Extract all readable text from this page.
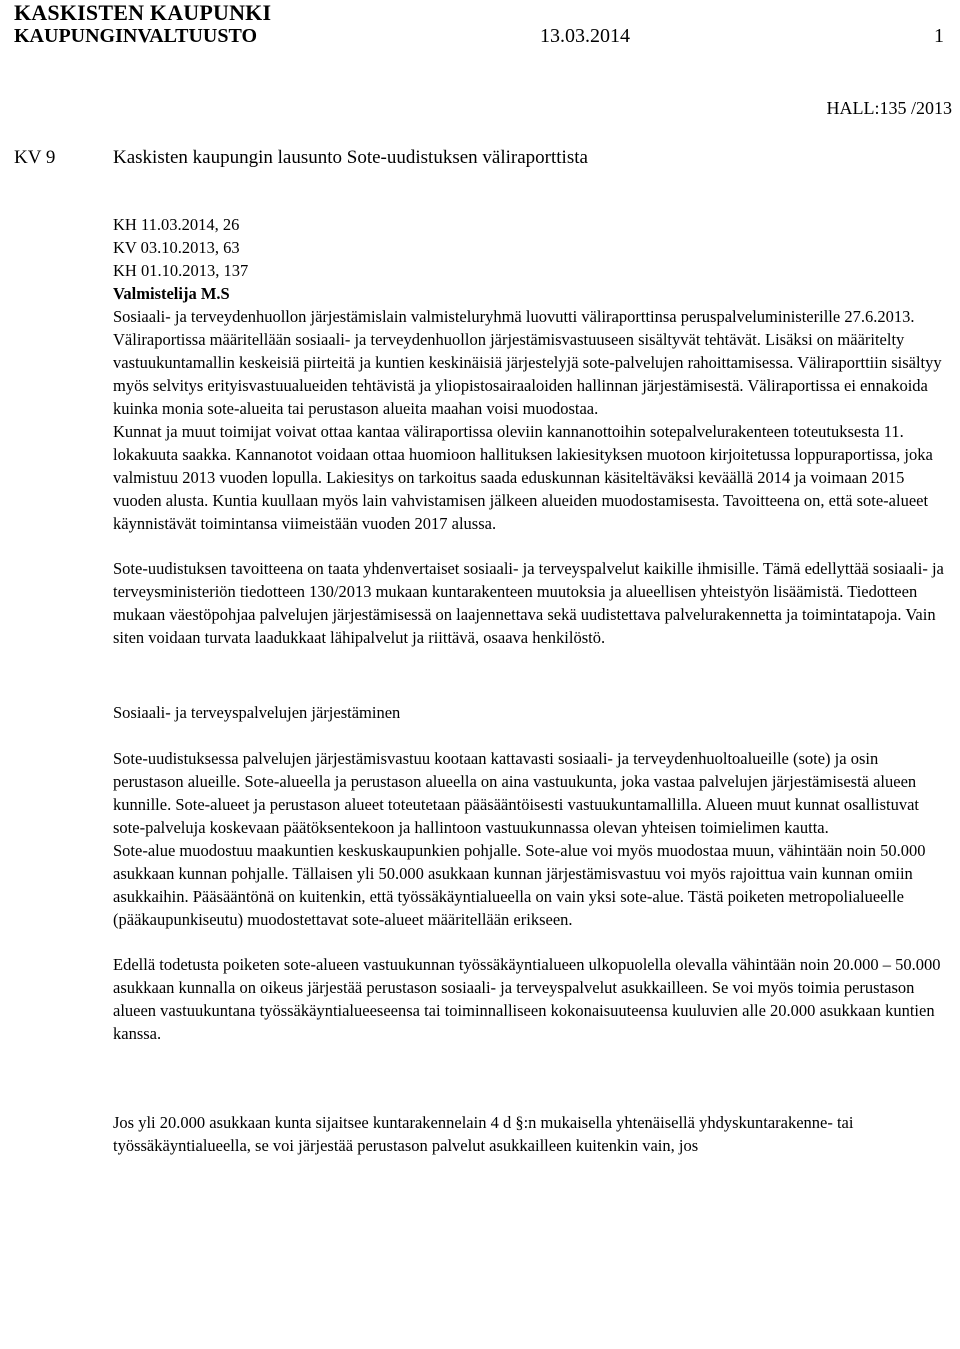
KASKISTEN KAUPUNKI
KAUPUNGINVALTUUSTO	13.03.2014	1
HALL:135 /2013
KV 9	Kaskisten kaupungin lausunto Sote-uudistuksen väliraporttista
KH 11.03.2014, 26
KV 03.10.2013, 63
KH 01.10.2013, 137
Valmistelija M.S

Sosiaali- ja terveydenhuollon järjestämislain valmisteluryhmä luovutti väliraporttinsa peruspalveluministerille 27.6.2013. Väliraportissa määritellään sosiaali- ja terveydenhuollon järjestämisvastuuseen sisältyvät tehtävät. Lisäksi on määritelty vastuukuntamallin keskeisiä piirteitä ja kuntien keskinäisiä järjestelyjä sote-palvelujen rahoittamisessa. Väliraporttiin sisältyy myös selvitys erityisvastuualueiden tehtävistä ja yliopistosairaaloiden hallinnan järjestämisestä. Väliraportissa ei ennakoida kuinka monia sote-alueita tai perustason alueita maahan voisi muodostaa.

Kunnat ja muut toimijat voivat ottaa kantaa väliraportissa oleviin kannanottoihin sotepalvelurakenteen toteutuksesta 11. lokakuuta saakka. Kannanotot voidaan ottaa huomioon hallituksen lakiesityksen muotoon kirjoitetussa loppuraportissa, joka valmistuu 2013 vuoden lopulla. Lakiesitys on tarkoitus saada eduskunnan käsiteltäväksi keväällä 2014 ja voimaan 2015 vuoden alusta. Kuntia kuullaan myös lain vahvistamisen jälkeen alueiden muodostamisesta. Tavoitteena on, että sote-alueet käynnistävät toimintansa viimeistään vuoden 2017 alussa.

Sote-uudistuksen tavoitteena on taata yhdenvertaiset sosiaali- ja terveyspalvelut kaikille ihmisille. Tämä edellyttää sosiaali- ja terveysministeriön tiedotteen 130/2013 mukaan kuntarakenteen muutoksia ja alueellisen yhteistyön lisäämistä. Tiedotteen mukaan väestöpohjaa palvelujen järjestämisessä on laajennettava sekä uudistettava palvelurakennetta ja toimintatapoja. Vain siten voidaan turvata laadukkaat lähipalvelut ja riittävä, osaava henkilöstö.

Sosiaali- ja terveyspalvelujen järjestäminen

Sote-uudistuksessa palvelujen järjestämisvastuu kootaan kattavasti sosiaali- ja terveydenhuoltoalueille (sote) ja osin perustason alueille. Sote-alueella ja perustason alueella on aina vastuukunta, joka vastaa palvelujen järjestämisestä alueen kunnille. Sote-alueet ja perustason alueet toteutetaan pääsääntöisesti vastuukuntamallilla. Alueen muut kunnat osallistuvat sote-palveluja koskevaan päätöksentekoon ja hallintoon vastuukunnassa olevan yhteisen toimielimen kautta.

Sote-alue muodostuu maakuntien keskuskaupunkien pohjalle. Sote-alue voi myös muodostaa muun, vähintään noin 50.000 asukkaan kunnan pohjalle. Tällaisen yli 50.000 asukkaan kunnan järjestämisvastuu voi myös rajoittua vain kunnan omiin asukkaihin. Pääsääntönä on kuitenkin, että työssäkäyntialueella on vain yksi sote-alue. Tästä poiketen metropolialueelle (pääkaupunkiseutu) muodostettavat sote-alueet määritellään erikseen.

Edellä todetusta poiketen sote-alueen vastuukunnan työssäkäyntialueen ulkopuolella olevalla vähintään noin 20.000 – 50.000 asukkaan kunnalla on oikeus järjestää perustason sosiaali- ja terveyspalvelut asukkailleen. Se voi myös toimia perustason alueen vastuukuntana työssäkäyntialueeseensa tai toiminnalliseen kokonaisuuteensa kuuluvien alle 20.000 asukkaan kuntien kanssa.

Jos yli 20.000 asukkaan kunta sijaitsee kuntarakennelain 4 d §:n mukaisella yhtenäisellä yhdyskuntarakenne- tai työssäkäyntialueella, se voi järjestää perustason palvelut asukkailleen kuitenkin vain, jos
